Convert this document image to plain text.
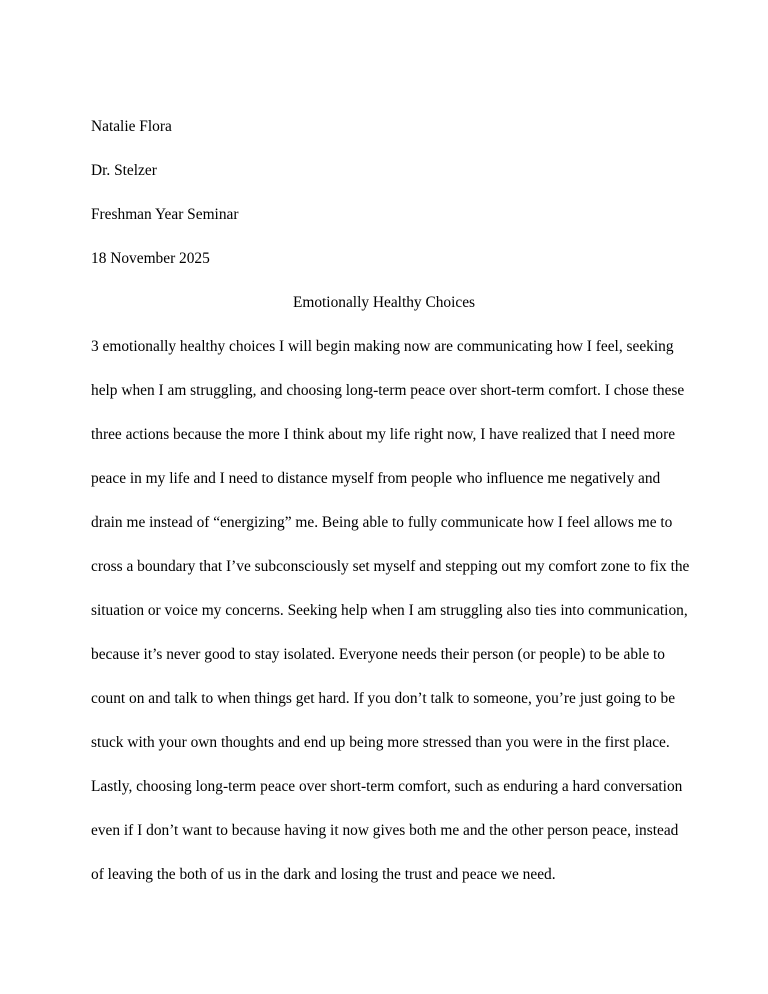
Natalie Flora
Dr. Stelzer
Freshman Year Seminar
18 November 2025
Emotionally Healthy Choices
3 emotionally healthy choices I will begin making now are communicating how I feel, seeking
help when I am struggling, and choosing long-term peace over short-term comfort. I chose these
three actions because the more I think about my life right now, I have realized that I need more
peace in my life and I need to distance myself from people who influence me negatively and
drain me instead of “energizing” me. Being able to fully communicate how I feel allows me to
cross a boundary that I’ve subconsciously set myself and stepping out my comfort zone to fix the
situation or voice my concerns. Seeking help when I am struggling also ties into communication,
because it’s never good to stay isolated. Everyone needs their person (or people) to be able to
count on and talk to when things get hard. If you don’t talk to someone, you’re just going to be
stuck with your own thoughts and end up being more stressed than you were in the first place.
Lastly, choosing long-term peace over short-term comfort, such as enduring a hard conversation
even if I don’t want to because having it now gives both me and the other person peace, instead
of leaving the both of us in the dark and losing the trust and peace we need.
